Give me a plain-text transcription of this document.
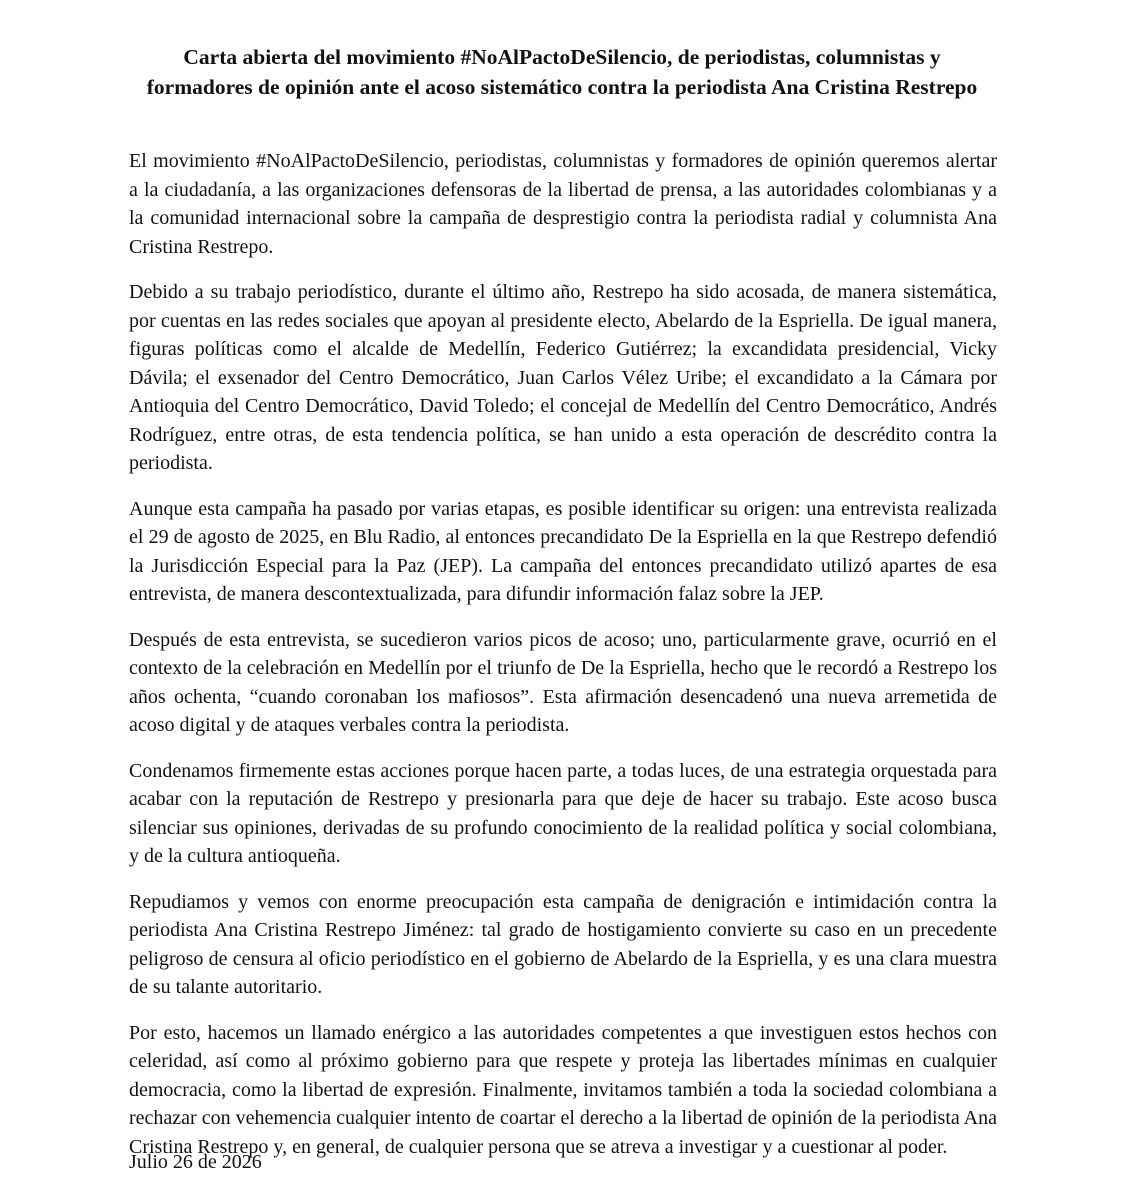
Carta abierta del movimiento #NoAlPactoDeSilencio, de periodistas, columnistas y
formadores de opinión ante el acoso sistemático contra la periodista Ana Cristina Restrepo

El movimiento #NoAlPactoDeSilencio, periodistas, columnistas y formadores de opinión queremos alertar a la ciudadanía, a las organizaciones defensoras de la libertad de prensa, a las autoridades colombianas y a la comunidad internacional sobre la campaña de desprestigio contra la periodista radial y columnista Ana Cristina Restrepo.

Debido a su trabajo periodístico, durante el último año, Restrepo ha sido acosada, de manera sistemática, por cuentas en las redes sociales que apoyan al presidente electo, Abelardo de la Espriella. De igual manera, figuras políticas como el alcalde de Medellín, Federico Gutiérrez; la excandidata presidencial, Vicky Dávila; el exsenador del Centro Democrático, Juan Carlos Vélez Uribe; el excandidato a la Cámara por Antioquia del Centro Democrático, David Toledo; el concejal de Medellín del Centro Democrático, Andrés Rodríguez, entre otras, de esta tendencia política, se han unido a esta operación de descrédito contra la periodista.

Aunque esta campaña ha pasado por varias etapas, es posible identificar su origen: una entrevista realizada el 29 de agosto de 2025, en Blu Radio, al entonces precandidato De la Espriella en la que Restrepo defendió la Jurisdicción Especial para la Paz (JEP). La campaña del entonces precandidato utilizó apartes de esa entrevista, de manera descontextualizada, para difundir información falaz sobre la JEP.

Después de esta entrevista, se sucedieron varios picos de acoso; uno, particularmente grave, ocurrió en el contexto de la celebración en Medellín por el triunfo de De la Espriella, hecho que le recordó a Restrepo los años ochenta, “cuando coronaban los mafiosos”. Esta afirmación desencadenó una nueva arremetida de acoso digital y de ataques verbales contra la periodista.

Condenamos firmemente estas acciones porque hacen parte, a todas luces, de una estrategia orquestada para acabar con la reputación de Restrepo y presionarla para que deje de hacer su trabajo. Este acoso busca silenciar sus opiniones, derivadas de su profundo conocimiento de la realidad política y social colombiana, y de la cultura antioqueña.

Repudiamos y vemos con enorme preocupación esta campaña de denigración e intimidación contra la periodista Ana Cristina Restrepo Jiménez: tal grado de hostigamiento convierte su caso en un precedente peligroso de censura al oficio periodístico en el gobierno de Abelardo de la Espriella, y es una clara muestra de su talante autoritario.

Por esto, hacemos un llamado enérgico a las autoridades competentes a que investiguen estos hechos con celeridad, así como al próximo gobierno para que respete y proteja las libertades mínimas en cualquier democracia, como la libertad de expresión. Finalmente, invitamos también a toda la sociedad colombiana a rechazar con vehemencia cualquier intento de coartar el derecho a la libertad de opinión de la periodista Ana Cristina Restrepo y, en general, de cualquier persona que se atreva a investigar y a cuestionar al poder.

Julio 26 de 2026
